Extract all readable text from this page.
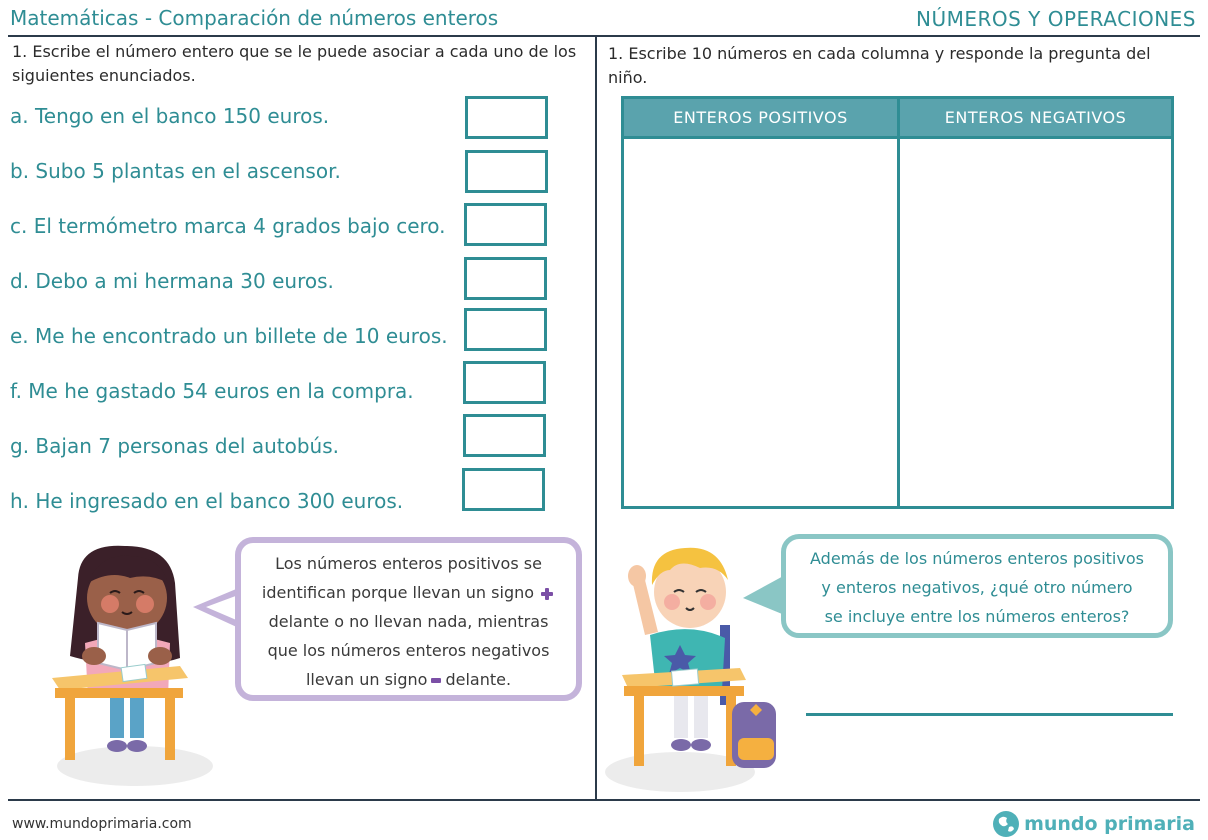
Matemáticas - Comparación de números enteros	NÚMEROS Y OPERACIONES
1. Escribe el número entero que se le puede asociar a cada uno de los siguientes enunciados.
a. Tengo en el banco 150 euros.
b. Subo 5 plantas en el ascensor.
c. El termómetro marca 4 grados bajo cero.
d. Debo a mi hermana 30 euros.
e. Me he encontrado un billete de 10 euros.
f. Me he gastado 54 euros en la compra.
g. Bajan 7 personas del autobús.
h. He ingresado en el banco 300 euros.
Los números enteros positivos se
identifican porque llevan un signo
delante o no llevan nada, mientras
que los números enteros negativos
llevan un signo delante.
1. Escribe 10 números en cada columna y responde la pregunta del niño.
ENTEROS POSITIVOS	ENTEROS NEGATIVOS
Además de los números enteros positivos
y enteros negativos, ¿qué otro número
se incluye entre los números enteros?
www.mundoprimaria.com	mundo primaria
